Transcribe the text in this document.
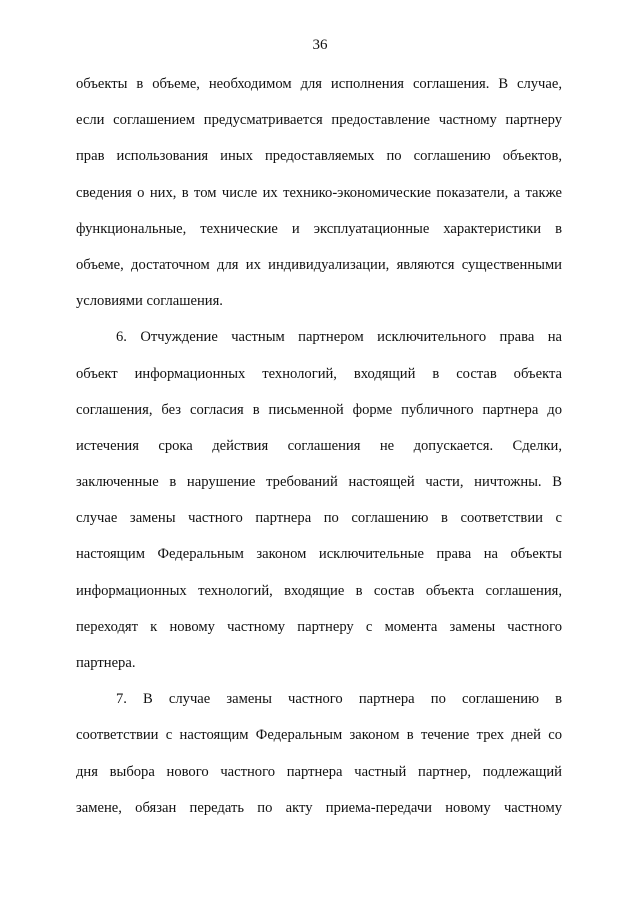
36
объекты в объеме, необходимом для исполнения соглашения. В случае,
если соглашением предусматривается предоставление частному партнеру
прав использования иных предоставляемых по соглашению объектов,
сведения о них, в том числе их технико-экономические показатели, а также
функциональные, технические и эксплуатационные характеристики в
объеме, достаточном для их индивидуализации, являются существенными
условиями соглашения.
6. Отчуждение частным партнером исключительного права на
объект информационных технологий, входящий в состав объекта
соглашения, без согласия в письменной форме публичного партнера до
истечения срока действия соглашения не допускается. Сделки,
заключенные в нарушение требований настоящей части, ничтожны. В
случае замены частного партнера по соглашению в соответствии с
настоящим Федеральным законом исключительные права на объекты
информационных технологий, входящие в состав объекта соглашения,
переходят к новому частному партнеру с момента замены частного
партнера.
7. В случае замены частного партнера по соглашению в
соответствии с настоящим Федеральным законом в течение трех дней со
дня выбора нового частного партнера частный партнер, подлежащий
замене, обязан передать по акту приема-передачи новому частному
